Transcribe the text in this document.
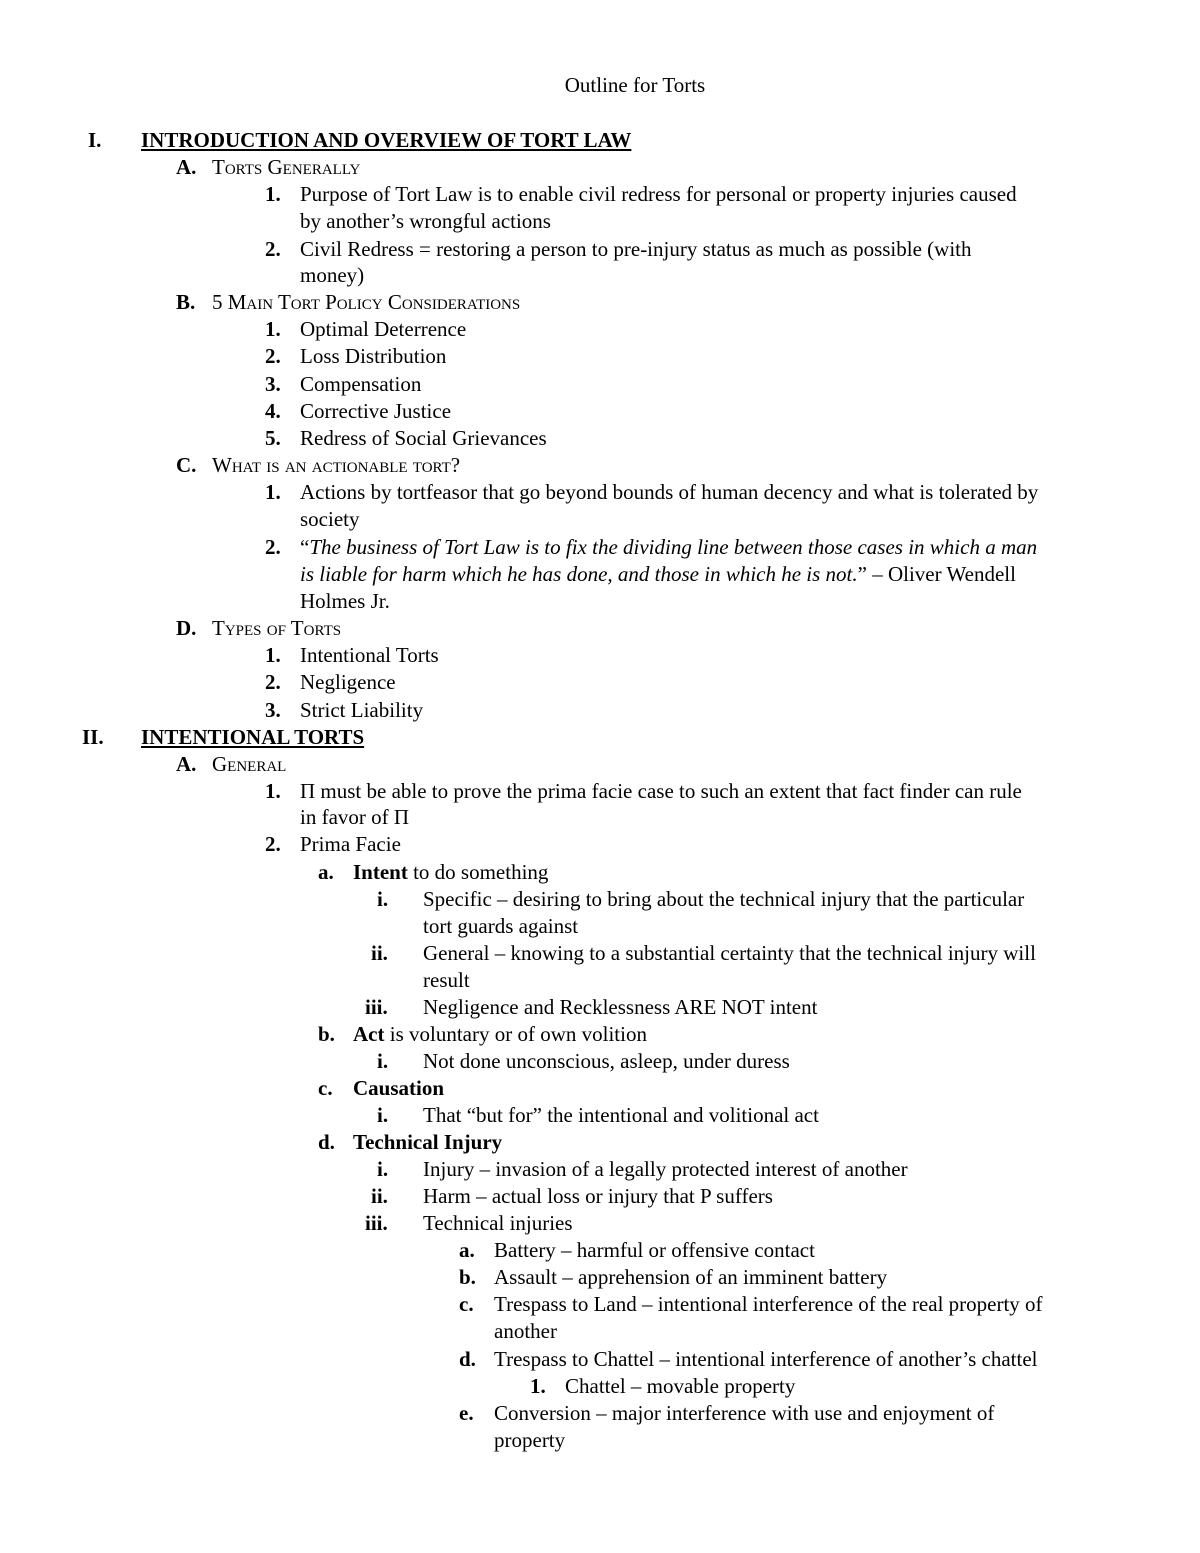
Outline for Torts
I. INTRODUCTION AND OVERVIEW OF TORT LAW
A. Torts Generally
1. Purpose of Tort Law is to enable civil redress for personal or property injuries caused
by another’s wrongful actions
2. Civil Redress = restoring a person to pre-injury status as much as possible (with
money)
B. 5 Main Tort Policy Considerations
1. Optimal Deterrence
2. Loss Distribution
3. Compensation
4. Corrective Justice
5. Redress of Social Grievances
C. What is an actionable tort?
1. Actions by tortfeasor that go beyond bounds of human decency and what is tolerated by
society
2. “The business of Tort Law is to fix the dividing line between those cases in which a man
is liable for harm which he has done, and those in which he is not.” – Oliver Wendell
Holmes Jr.
D. Types of Torts
1. Intentional Torts
2. Negligence
3. Strict Liability
II. INTENTIONAL TORTS
A. General
1. Π must be able to prove the prima facie case to such an extent that fact finder can rule
in favor of Π
2. Prima Facie
a. Intent to do something
i. Specific – desiring to bring about the technical injury that the particular
tort guards against
ii. General – knowing to a substantial certainty that the technical injury will
result
iii. Negligence and Recklessness ARE NOT intent
b. Act is voluntary or of own volition
i. Not done unconscious, asleep, under duress
c. Causation
i. That “but for” the intentional and volitional act
d. Technical Injury
i. Injury – invasion of a legally protected interest of another
ii. Harm – actual loss or injury that P suffers
iii. Technical injuries
a. Battery – harmful or offensive contact
b. Assault – apprehension of an imminent battery
c. Trespass to Land – intentional interference of the real property of
another
d. Trespass to Chattel – intentional interference of another’s chattel
1. Chattel – movable property
e. Conversion – major interference with use and enjoyment of
property
